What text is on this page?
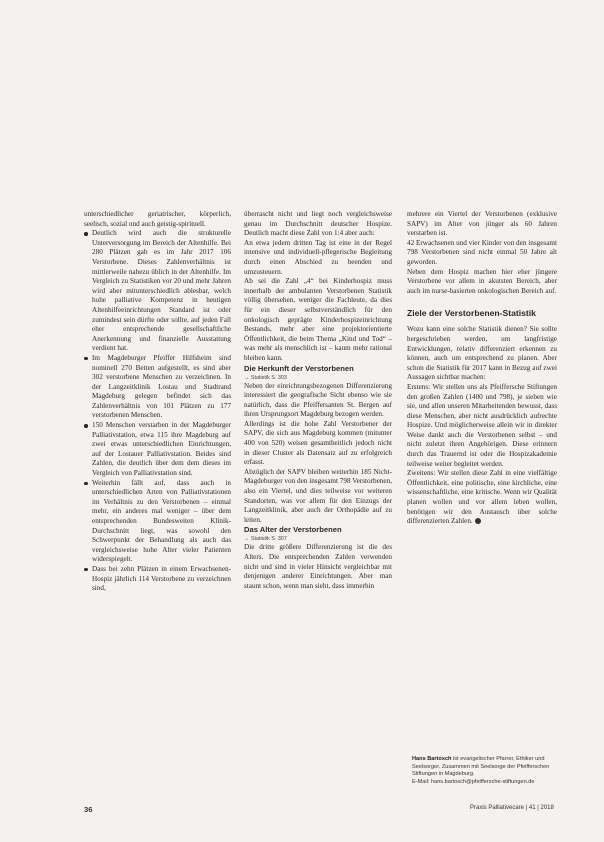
unterschiedlicher geriatrischer, körperlich, seelisch, sozial und auch geistig-spirituell.

Deutlich wird auch die strukturelle Unterversorgung im Bereich der Altenhilfe. Bei 280 Plätzen gab es im Jahr 2017 106 Verstorbene. Dieses Zahlenverhältnis ist mittlerweile nahezu üblich in der Altenhilfe. Im Vergleich zu Statistiken vor 20 und mehr Jahren wird aber mitunterschiedlich ablesbar, welch hohe palliative Kompetenz in heutigen Altenhilfeeinrichtungen Standard ist oder zumindest sein dürfte oder sollte, auf jeden Fall eher entsprechende gesellschaftliche Anerkennung und finanzielle Ausstattung verdient hat.
Im Magdeburger Pfeiffer Hilfsheim sind nominell 270 Betten aufgestellt, es sind aber 302 verstorbene Menschen zu verzeichnen. In der Langzeitklinik Lostau und Stadtrand Magdeburg gelegen befindet sich das Zahlenverhältnis von 101 Plätzen zu 177 verstorbenen Menschen.
150 Menschen verstarben in der Magdeburger Palliativstation, etwa 115 ihre Magdeburg auf zwei etwas unterschiedlichen Einrichtungen, auf der Lostauer Palliativstation. Beides sind Zahlen, die deutlich über dem dem dieses im Vergleich von Palliativstation sind.
Weiterhin fällt auf, dass auch in unterschiedlichen Arten von Palliativstationen im Verhältnis zu den Verstorbenen – einmal mehr, ein anderes mal weniger – über dem entsprechenden Bundesweiten Klinik-Durchschnitt liegt, was sowohl den Schwerpunkt der Behandlung als auch das vergleichsweise hohe Alter vieler Patienten widerspiegelt.
Dass bei zehn Plätzen in einem Erwachsenen-Hospiz jährlich 114 Verstorbene zu verzeichnen sind,

überrascht nicht und liegt noch vergleichsweise genau im Durchschnitt deutscher Hospize. Deutlich macht diese Zahl von 1:4 aber auch:

An etwa jedem dritten Tag ist eine in der Regel intensive und individuell-pflegerische Begleitung durch einen Abschied zu beenden und umzusteuern.

Ab sei die Zahl „4“ bei Kinderhospiz muss innerhalb der ambulanten Verstorbenen Statistik völlig übersehen, weniger die Fachleute, da dies für ein dieser selbstverständlich für den onkologisch geprägte Kinderhospizeinrichtung Bestands, mehr aber eine projektorientierte Öffentlichkeit, die beim Thema „Kind und Tod“ – was mehr als menschlich ist – kaum mehr rational bleiben kann.

Die Herkunft der Verstorbenen

→ Statistik S. 303

Neben der einrichtungsbezogenen Differenzierung interessiert die geografische Sicht ebenso wie sie natürlich, dass die Pfeiffersanten St. Bergen auf ihren Ursprungsort Magdeburg bezogen werden.

Allerdings ist die hohe Zahl Verstorbener der SAPV, die sich aus Magdeburg kommen (mitunter 400 von 520) weisen gesamtheitlich jedoch nicht in dieser Cluster als Datensatz auf zu erfolgreich erfasst.

Abzüglich der SAPV bleiben weiterhin 185 Nicht-Magdeburger von den insgesamt 798 Verstorbenen, also ein Viertel, und dies teilweise vor weiteren Standorten, was vor allem für den Einzugs der Langzeitklinik, aber auch der Orthopädie auf zu leiten.

Das Alter der Verstorbenen

→ Statistik S. 307

Die dritte größere Differenzierung ist die des Alters. Die entsprechenden Zahlen verwenden nicht und sind in vieler Hinsicht vergleichbar mit denjenigen anderer Einrichtungen. Aber man staunt schon, wenn man sieht, dass immerhin

mehrere ein Viertel der Verstorbenen (exklusive SAPV) im Alter von jünger als 60 Jahren verstarben ist.

42 Erwachsenen und vier Kinder von den insgesamt 798 Verstorbenen sind nicht einmal 50 Jahre alt geworden.

Neben dem Hospiz machen hier eher jüngere Verstorbene vor allem in akutsten Bereich, aber auch im nurse-basierten onkologischen Bereich auf.

Ziele der Verstorbenen-Statistik

Wozu kann eine solche Statistik dienen? Sie sollte hergeschrieben werden, um langfristige Entwicklungen, relativ differenziert erkennen zu können, auch um entsprechend zu planen. Aber schon die Statistik für 2017 kann in Bezug auf zwei Aussagen sichtbar machen:

Erstens: Wir stellen uns als Pfeiffersche Stiftungen den großen Zahlen (1400 und 798), je sieben wie sie, und allen unseren Mitarbeitenden bewusst, dass diese Menschen, aber nicht ausdrücklich aufrechte Hospize. Und möglicherweise allein wir in direkter Weise dankt auch die Verstorbenen selbst – und nicht zuletzt ihren Angehörigen. Diese erinnern durch das Trauernd ist oder die Hospizakademie teilweise weiter begleitet werden.

Zweitens: Wir stellen diese Zahl in eine vielfältige Öffentlichkeit, eine politische, eine kirchliche, eine wissenschaftliche, eine kritische. Wenn wir Qualität planen wollen und vor allem leben wollen, benötigen wir den Austausch über solche differenzierten Zahlen.

Hans Bartosch ist evangelischer Pfarrer, Ethiker und Seelsorger. Zusammen mit Seelsorge der Pfeifferschen Stiftungen in Magdeburg.
E-Mail: hans.bartosch@pfeiffersche-stiftungen.de
36	Praxis Palliativecare | 41 | 2018
